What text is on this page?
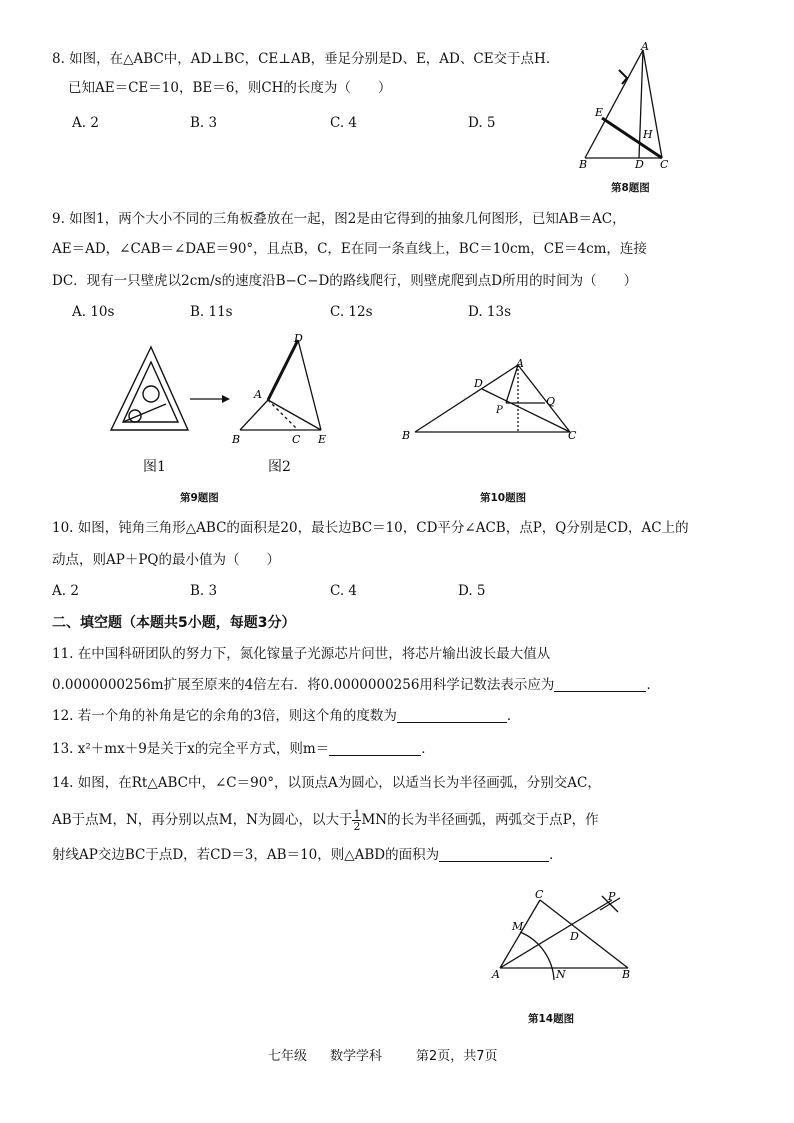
8. 如图，在△ABC中，AD⊥BC，CE⊥AB，垂足分别是D、E，AD、CE交于点H．
已知AE＝CE＝10，BE＝6，则CH的长度为（　　）
A. 2	B. 3	C. 4	D. 5
A
E
H
B	D C
第8题图
9. 如图1，两个大小不同的三角板叠放在一起，图2是由它得到的抽象几何图形，已知AB＝AC，
AE＝AD，∠CAB＝∠DAE＝90°，且点B，C，E在同一条直线上，BC＝10cm，CE＝4cm，连接
DC．现有一只壁虎以2cm/s的速度沿B−C−D的路线爬行，则壁虎爬到点D所用的时间为（　　）
A. 10s	B. 11s	C. 12s	D. 13s
图1
D
A
B	C E
图2
第9题图
A
D
P
Q
B	C
第10题图
10. 如图，钝角三角形△ABC的面积是20，最长边BC＝10，CD平分∠ACB，点P，Q分别是CD，AC上的
动点，则AP＋PQ的最小值为（　　）
A. 2	B. 3	C. 4	D. 5
二、填空题（本题共5小题，每题3分）
11. 在中国科研团队的努力下，氮化镓量子光源芯片问世，将芯片输出波长最大值从
0.0000000256m扩展至原来的4倍左右．将0.0000000256用科学记数法表示应为	．
12. 若一个角的补角是它的余角的3倍，则这个角的度数为	．
13. x²＋mx＋9是关于x的完全平方式，则m＝	．
14. 如图，在Rt△ABC中，∠C＝90°，以顶点A为圆心，以适当长为半径画弧，分别交AC，
AB于点M，N，再分别以点M，N为圆心，以大于 $\frac{1}{2}$ MN的长为半径画弧，两弧交于点P，作
射线AP交边BC于点D，若CD＝3，AB＝10，则△ABD的面积为	．
C	P
M
D
A	N	B
第14题图
七年级 数学学科	第2页，共7页
